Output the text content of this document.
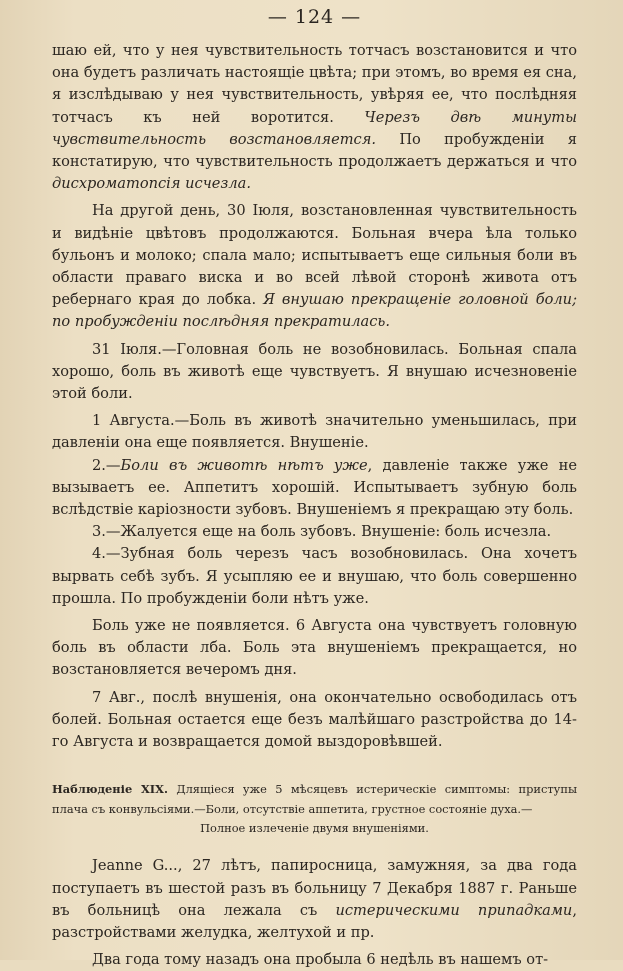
— 124 —

шаю ей, что у нея чувствительность тотчасъ возстановится и что она будетъ различать настоящіе цвѣта; при этомъ, во время ея сна, я изслѣдываю у нея чувствительность, увѣряя ее, что послѣдняя тотчасъ къ ней воротится. Черезъ двѣ минуты чувствительность возстановляется. По пробужденіи я констатирую, что чувствительность продолжаетъ держаться и что дисхроматопсія исчезла.

На другой день, 30 Іюля, возстановленная чувствительность и видѣніе цвѣтовъ продолжаются. Больная вчера ѣла только бульонъ и молоко; спала мало; испытываетъ еще сильныя боли въ области праваго виска и во всей лѣвой сторонѣ живота отъ ребернаго края до лобка. Я внушаю прекращеніе головной боли; по пробужденіи послѣдняя прекратилась.

31 Іюля.—Головная боль не возобновилась. Больная спала хорошо, боль въ животѣ еще чувствуетъ. Я внушаю исчезновеніе этой боли.

1 Августа.—Боль въ животѣ значительно уменьшилась, при давленіи она еще появляется. Внушеніе.

2.—Боли въ животѣ нѣтъ уже, давленіе также уже не вызываетъ ее. Аппетитъ хорошій. Испытываетъ зубную боль вслѣдствіе каріозности зубовъ. Внушеніемъ я прекращаю эту боль.

3.—Жалуется еще на боль зубовъ. Внушеніе: боль исчезла.

4.—Зубная боль черезъ часъ возобновилась. Она хочетъ вырвать себѣ зубъ. Я усыпляю ее и внушаю, что боль совершенно прошла. По пробужденіи боли нѣтъ уже.

Боль уже не появляется. 6 Августа она чувствуетъ головную боль въ области лба. Боль эта внушеніемъ прекращается, но возстановляется вечеромъ дня.

7 Авг., послѣ внушенія, она окончательно освободилась отъ болей. Больная остается еще безъ малѣйшаго разстройства до 14-го Августа и возвращается домой выздоровѣвшей.

Наблюденіе XIX. Длящіеся уже 5 мѣсяцевъ истерическіе симптомы: приступы плача съ конвульсіями.—Боли, отсутствіе аппетита, грустное состояніе духа.—

Полное излеченіе двумя внушеніями.

Jeanne G..., 27 лѣтъ, папиросница, замужняя, за два года поступаетъ въ шестой разъ въ больницу 7 Декабря 1887 г. Раньше въ больницѣ она лежала съ истерическими припадками, разстройствами желудка, желтухой и пр.

Два года тому назадъ она пробыла 6 недѣль въ нашемъ от-
